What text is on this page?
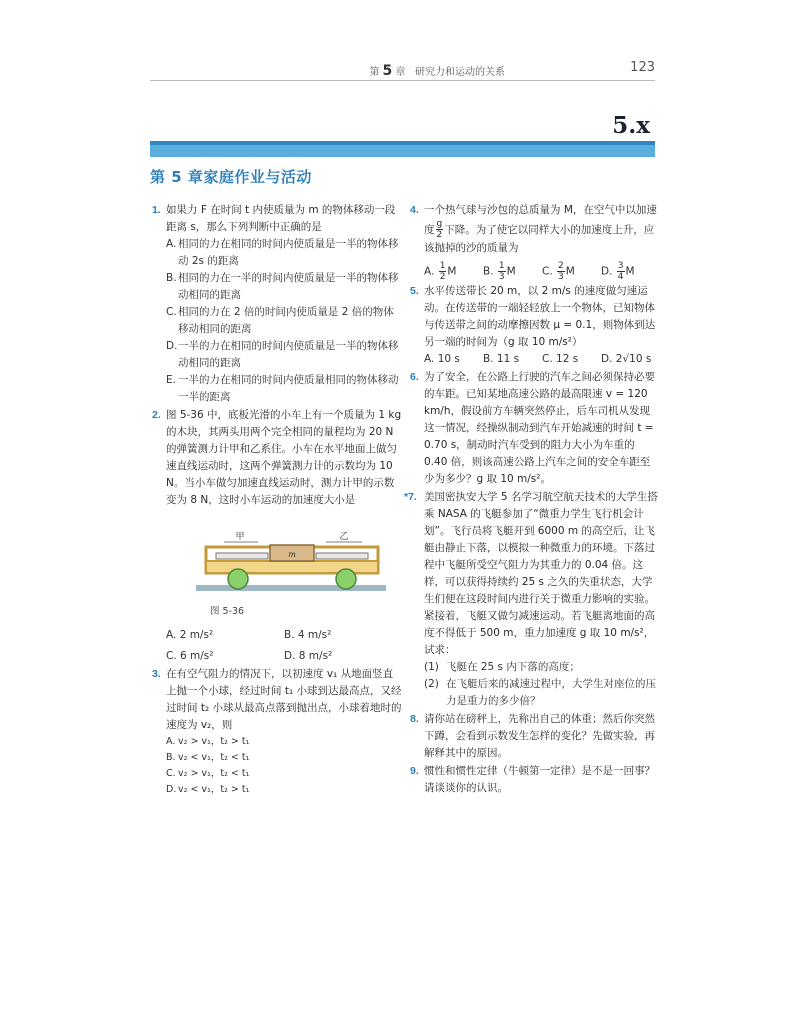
第 5 章 研究力和运动的关系	123
5.x
第 5 章家庭作业与活动
1. 如果力 F 在时间 t 内使质量为 m 的物体移动一段距离 s，那么下列判断中正确的是
A. 相同的力在相同的时间内使质量是一半的物体移动 2s 的距离
B. 相同的力在一半的时间内使质量是一半的物体移动相同的距离
C. 相同的力在 2 倍的时间内使质量是 2 倍的物体移动相同的距离
D. 一半的力在相同的时间内使质量是一半的物体移动相同的距离
E. 一半的力在相同的时间内使质量相同的物体移动一半的距离
2. 图 5-36 中，底板光滑的小车上有一个质量为 1 kg 的木块，其两头用两个完全相同的量程均为 20 N 的弹簧测力计甲和乙系住。小车在水平地面上做匀速直线运动时，这两个弹簧测力计的示数均为 10 N。当小车做匀加速直线运动时，测力计甲的示数变为 8 N，这时小车运动的加速度大小是
m
甲	乙
图 5-36
A. 2 m/s²	B. 4 m/s²
C. 6 m/s²	D. 8 m/s²
3. 在有空气阻力的情况下，以初速度 v₁ 从地面竖直上抛一个小球，经过时间 t₁ 小球到达最高点，又经过时间 t₂ 小球从最高点落到抛出点，小球着地时的速度为 v₂，则
A. v₂ > v₁，t₂ > t₁
B. v₂ < v₁，t₂ < t₁
C. v₂ > v₁，t₂ < t₁
D. v₂ < v₁，t₂ > t₁
4. 一个热气球与沙包的总质量为 M，在空气中以加速度 $\frac{g}{2}$ 下降。为了使它以同样大小的加速度上升，应该抛掉的沙的质量为
A. $\frac{1}{2}$ M	B. $\frac{1}{3}$ M	C. $\frac{2}{3}$ M	D. $\frac{3}{4}$ M
5. 水平传送带长 20 m，以 2 m/s 的速度做匀速运动。在传送带的一端轻轻放上一个物体，已知物体与传送带之间的动摩擦因数 μ = 0.1，则物体到达另一端的时间为（g 取 10 m/s²）
A. 10 s	B. 11 s	C. 12 s	D. 2√10 s
6. 为了安全，在公路上行驶的汽车之间必须保持必要的车距。已知某地高速公路的最高限速 v = 120 km/h，假设前方车辆突然停止，后车司机从发现这一情况，经操纵制动到汽车开始减速的时间 t = 0.70 s，制动时汽车受到的阻力大小为车重的 0.40 倍，则该高速公路上汽车之间的安全车距至少为多少？g 取 10 m/s²。
*7. 美国密执安大学 5 名学习航空航天技术的大学生搭乘 NASA 的飞艇参加了“微重力学生飞行机会计划”。飞行员将飞艇开到 6000 m 的高空后，让飞艇由静止下落，以模拟一种微重力的环境。下落过程中飞艇所受空气阻力为其重力的 0.04 倍。这样，可以获得持续约 25 s 之久的失重状态，大学生们便在这段时间内进行关于微重力影响的实验。紧接着，飞艇又做匀减速运动。若飞艇离地面的高度不得低于 500 m，重力加速度 g 取 10 m/s²，试求：
(1) 飞艇在 25 s 内下落的高度；
(2) 在飞艇后来的减速过程中，大学生对座位的压力是重力的多少倍？
8. 请你站在磅秤上，先称出自己的体重；然后你突然下蹲，会看到示数发生怎样的变化？先做实验，再解释其中的原因。
9. 惯性和惯性定律（牛顿第一定律）是不是一回事？请谈谈你的认识。
